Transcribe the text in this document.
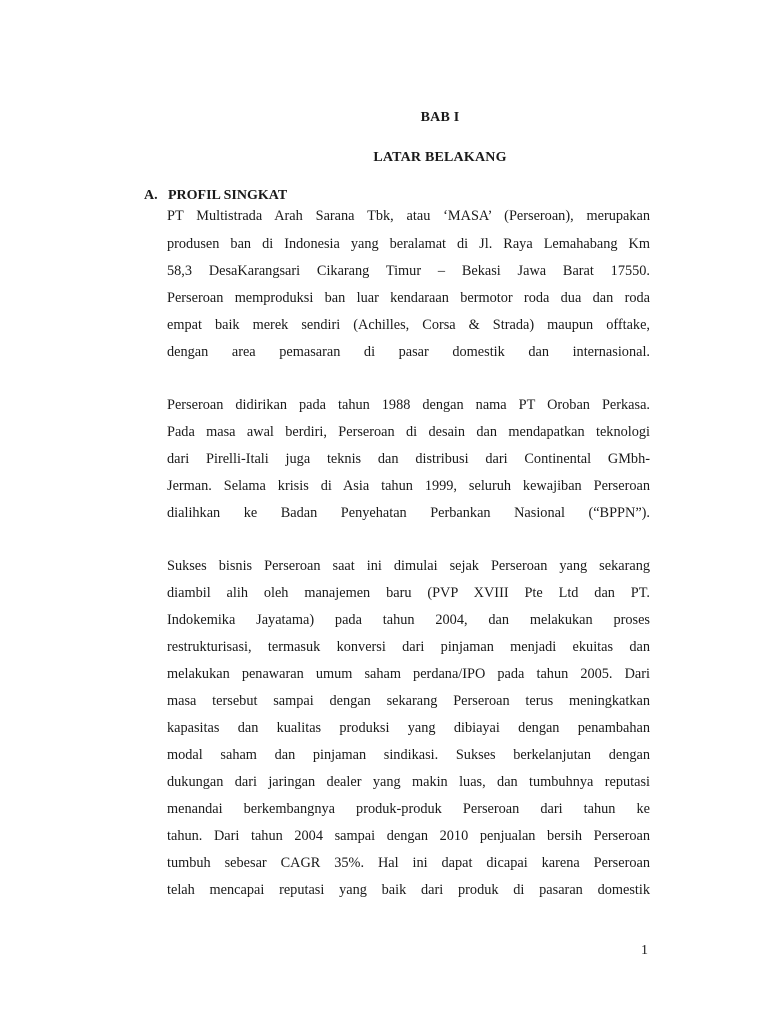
BAB I
LATAR BELAKANG
A. PROFIL SINGKAT
PT Multistrada Arah Sarana Tbk, atau ‘MASA’ (Perseroan), merupakan
produsen ban di Indonesia yang beralamat di Jl. Raya Lemahabang Km
58,3 DesaKarangsari Cikarang Timur – Bekasi Jawa Barat 17550.
Perseroan memproduksi ban luar kendaraan bermotor roda dua dan roda
empat baik merek sendiri (Achilles, Corsa & Strada) maupun offtake,
dengan area pemasaran di pasar domestik dan internasional.
Perseroan didirikan pada tahun 1988 dengan nama PT Oroban Perkasa.
Pada masa awal berdiri, Perseroan di desain dan mendapatkan teknologi
dari Pirelli-Itali juga teknis dan distribusi dari Continental GMbh-
Jerman. Selama krisis di Asia tahun 1999, seluruh kewajiban Perseroan
dialihkan ke Badan Penyehatan Perbankan Nasional (“BPPN”).
Sukses bisnis Perseroan saat ini dimulai sejak Perseroan yang sekarang
diambil alih oleh manajemen baru (PVP XVIII Pte Ltd dan PT.
Indokemika Jayatama) pada tahun 2004, dan melakukan proses
restrukturisasi, termasuk konversi dari pinjaman menjadi ekuitas dan
melakukan penawaran umum saham perdana/IPO pada tahun 2005. Dari
masa tersebut sampai dengan sekarang Perseroan terus meningkatkan
kapasitas dan kualitas produksi yang dibiayai dengan penambahan
modal saham dan pinjaman sindikasi. Sukses berkelanjutan dengan
dukungan dari jaringan dealer yang makin luas, dan tumbuhnya reputasi
menandai berkembangnya produk-produk Perseroan dari tahun ke
tahun. Dari tahun 2004 sampai dengan 2010 penjualan bersih Perseroan
tumbuh sebesar CAGR 35%. Hal ini dapat dicapai karena Perseroan
telah mencapai reputasi yang baik dari produk di pasaran domestik
1
